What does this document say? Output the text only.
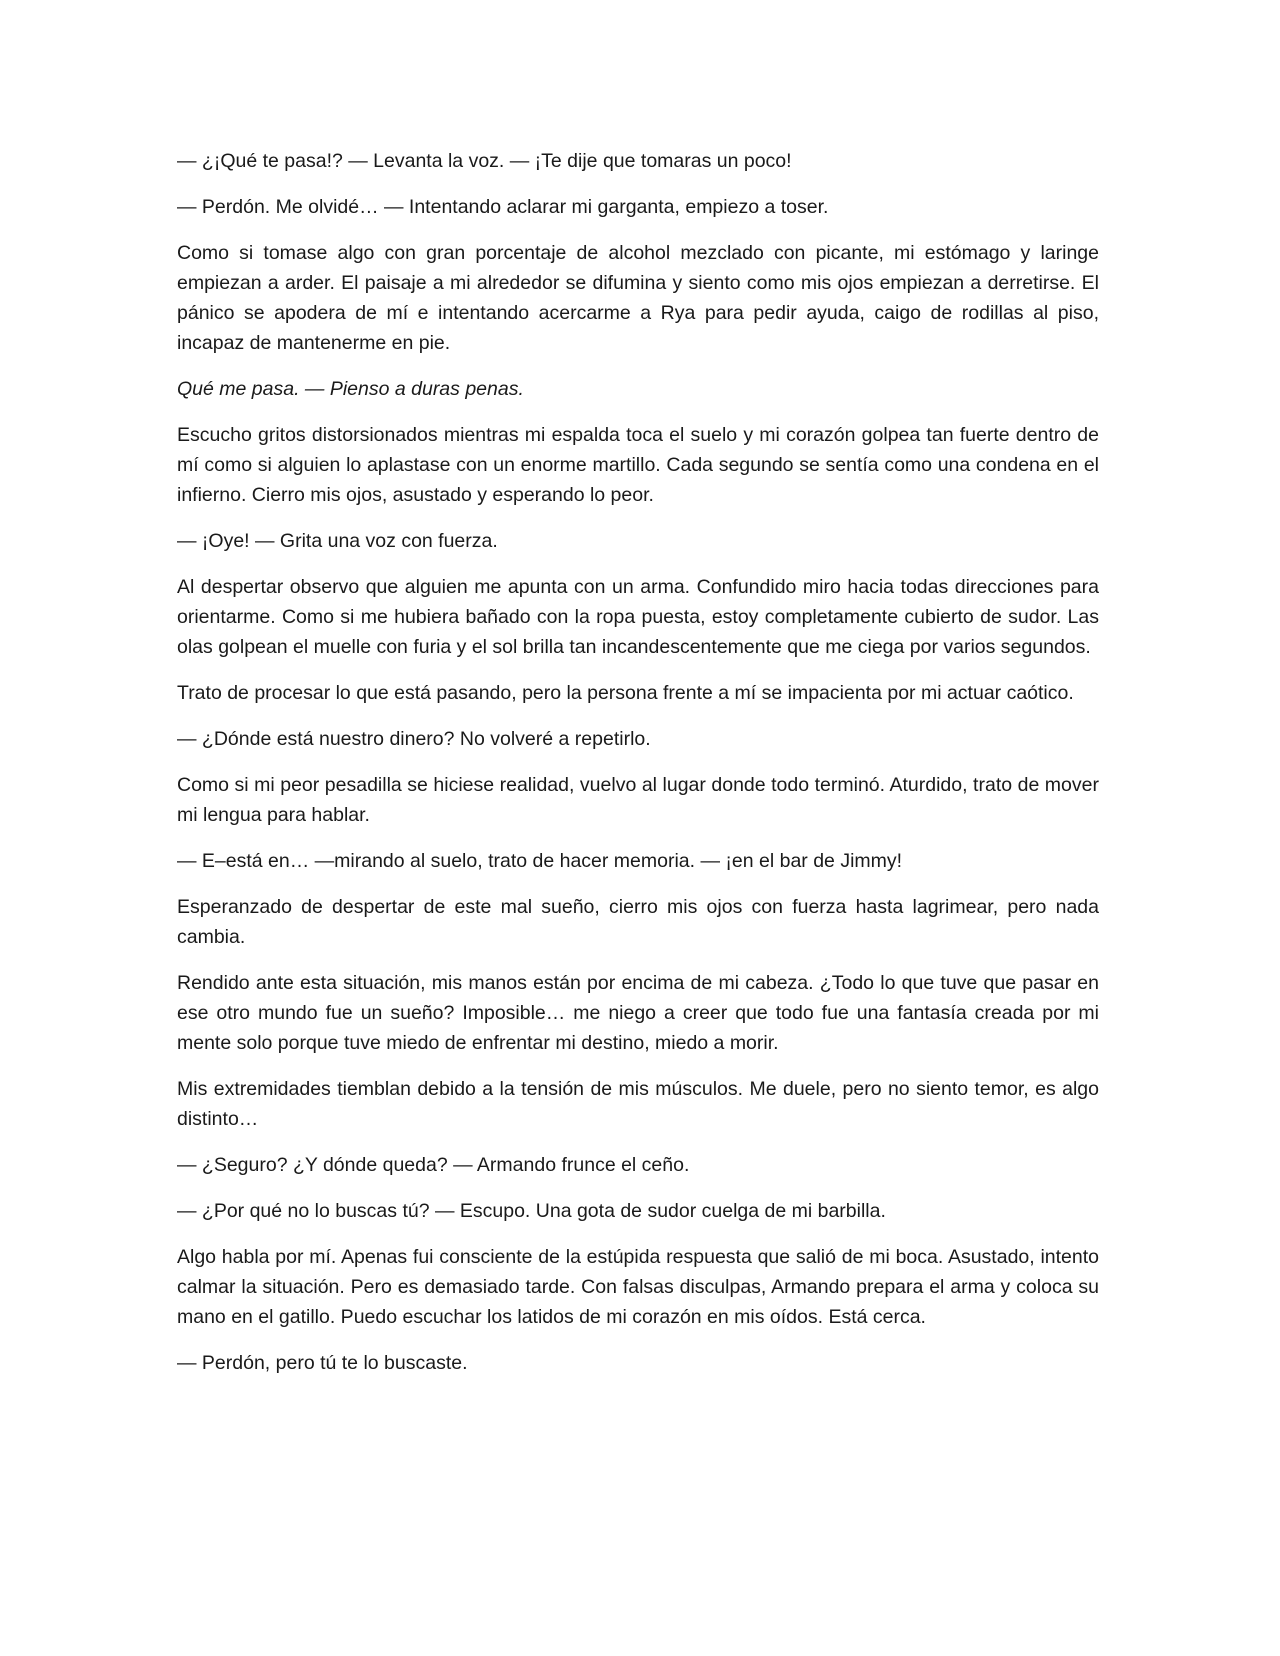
— ¿¡Qué te pasa!? — Levanta la voz. — ¡Te dije que tomaras un poco!

— Perdón. Me olvidé… — Intentando aclarar mi garganta, empiezo a toser.

Como si tomase algo con gran porcentaje de alcohol mezclado con picante, mi estómago y laringe empiezan a arder. El paisaje a mi alrededor se difumina y siento como mis ojos empiezan a derretirse. El pánico se apodera de mí e intentando acercarme a Rya para pedir ayuda, caigo de rodillas al piso, incapaz de mantenerme en pie.

Qué me pasa. — Pienso a duras penas.

Escucho gritos distorsionados mientras mi espalda toca el suelo y mi corazón golpea tan fuerte dentro de mí como si alguien lo aplastase con un enorme martillo. Cada segundo se sentía como una condena en el infierno. Cierro mis ojos, asustado y esperando lo peor.

— ¡Oye! — Grita una voz con fuerza.

Al despertar observo que alguien me apunta con un arma. Confundido miro hacia todas direcciones para orientarme. Como si me hubiera bañado con la ropa puesta, estoy completamente cubierto de sudor. Las olas golpean el muelle con furia y el sol brilla tan incandescentemente que me ciega por varios segundos.

Trato de procesar lo que está pasando, pero la persona frente a mí se impacienta por mi actuar caótico.

— ¿Dónde está nuestro dinero? No volveré a repetirlo.

Como si mi peor pesadilla se hiciese realidad, vuelvo al lugar donde todo terminó. Aturdido, trato de mover mi lengua para hablar.

— E–está en… —mirando al suelo, trato de hacer memoria. — ¡en el bar de Jimmy!

Esperanzado de despertar de este mal sueño, cierro mis ojos con fuerza hasta lagrimear, pero nada cambia.

Rendido ante esta situación, mis manos están por encima de mi cabeza. ¿Todo lo que tuve que pasar en ese otro mundo fue un sueño? Imposible… me niego a creer que todo fue una fantasía creada por mi mente solo porque tuve miedo de enfrentar mi destino, miedo a morir.

Mis extremidades tiemblan debido a la tensión de mis músculos. Me duele, pero no siento temor, es algo distinto…

— ¿Seguro? ¿Y dónde queda? — Armando frunce el ceño.

— ¿Por qué no lo buscas tú? — Escupo. Una gota de sudor cuelga de mi barbilla.

Algo habla por mí. Apenas fui consciente de la estúpida respuesta que salió de mi boca. Asustado, intento calmar la situación. Pero es demasiado tarde. Con falsas disculpas, Armando prepara el arma y coloca su mano en el gatillo. Puedo escuchar los latidos de mi corazón en mis oídos. Está cerca.

— Perdón, pero tú te lo buscaste.
